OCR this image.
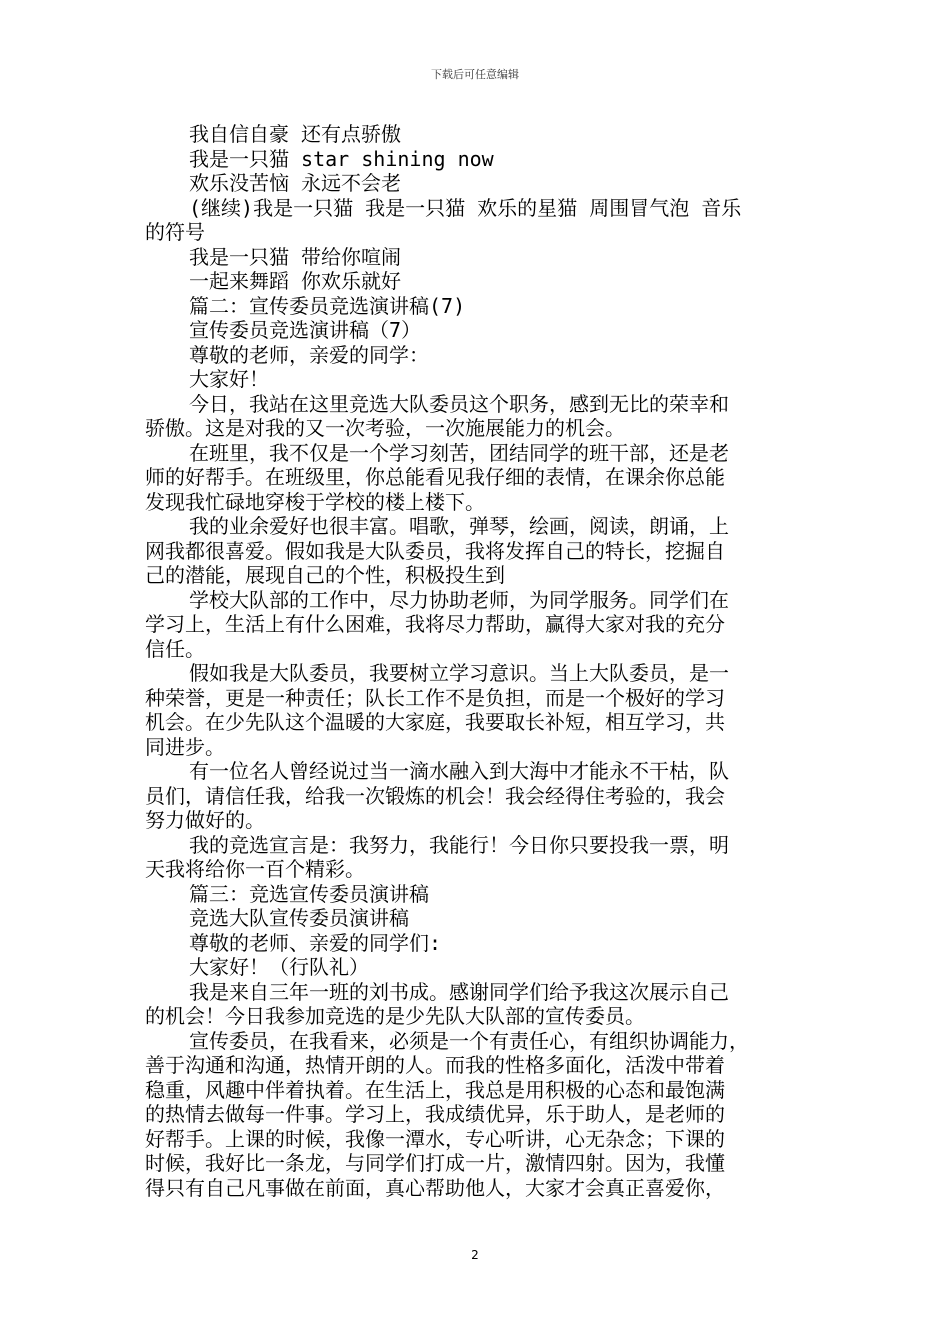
下载后可任意编辑

我自信自豪 还有点骄傲

我是一只猫 star shining now

欢乐没苦恼 永远不会老

(继续)我是一只猫 我是一只猫 欢乐的星猫 周围冒气泡 音乐

的符号

我是一只猫 带给你喧闹

一起来舞蹈 你欢乐就好

篇二：宣传委员竞选演讲稿(7)

宣传委员竞选演讲稿（7）

尊敬的老师，亲爱的同学：

大家好！

今日，我站在这里竞选大队委员这个职务，感到无比的荣幸和

骄傲。这是对我的又一次考验，一次施展能力的机会。

在班里，我不仅是一个学习刻苦，团结同学的班干部，还是老

师的好帮手。在班级里，你总能看见我仔细的表情，在课余你总能

发现我忙碌地穿梭于学校的楼上楼下。

我的业余爱好也很丰富。唱歌，弹琴，绘画，阅读，朗诵，上

网我都很喜爱。假如我是大队委员，我将发挥自己的特长，挖掘自

己的潜能，展现自己的个性，积极投生到

学校大队部的工作中，尽力协助老师，为同学服务。同学们在

学习上，生活上有什么困难，我将尽力帮助，赢得大家对我的充分

信任。

假如我是大队委员，我要树立学习意识。当上大队委员，是一

种荣誉，更是一种责任；队长工作不是负担，而是一个极好的学习

机会。在少先队这个温暖的大家庭，我要取长补短，相互学习，共

同进步。

有一位名人曾经说过当一滴水融入到大海中才能永不干枯，队

员们，请信任我，给我一次锻炼的机会！我会经得住考验的，我会

努力做好的。

我的竞选宣言是：我努力，我能行！今日你只要投我一票，明

天我将给你一百个精彩。

篇三：竞选宣传委员演讲稿

竞选大队宣传委员演讲稿

尊敬的老师、亲爱的同学们:

大家好！（行队礼）

我是来自三年一班的刘书成。感谢同学们给予我这次展示自己

的机会！今日我参加竞选的是少先队大队部的宣传委员。

宣传委员，在我看来，必须是一个有责任心，有组织协调能力，

善于沟通和沟通，热情开朗的人。而我的性格多面化，活泼中带着

稳重，风趣中伴着执着。在生活上，我总是用积极的心态和最饱满

的热情去做每一件事。学习上，我成绩优异，乐于助人，是老师的

好帮手。上课的时候，我像一潭水，专心听讲，心无杂念；下课的

时候，我好比一条龙，与同学们打成一片，激情四射。因为，我懂

得只有自己凡事做在前面，真心帮助他人，大家才会真正喜爱你，

2
